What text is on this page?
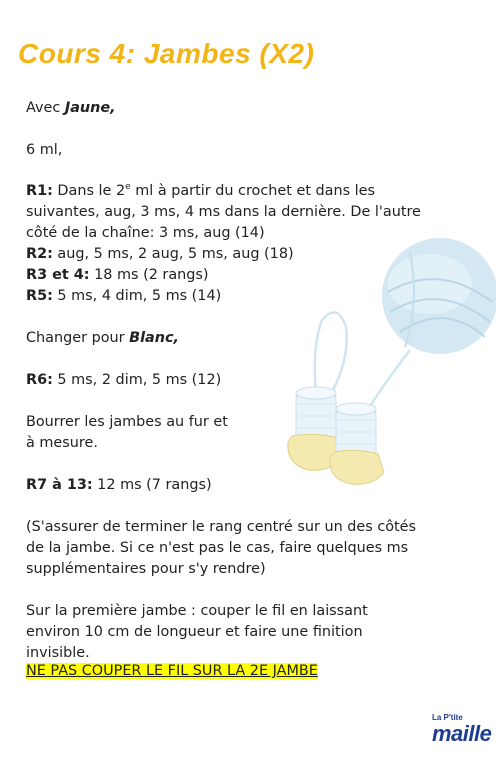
Cours 4: Jambes (X2)
Avec Jaune,
6 ml,
R1: Dans le 2e ml à partir du crochet et dans les
suivantes, aug, 3 ms, 4 ms dans la dernière. De l'autre
côté de la chaîne: 3 ms, aug (14)
R2: aug, 5 ms, 2 aug, 5 ms, aug (18)
R3 et 4: 18 ms (2 rangs)
R5: 5 ms, 4 dim, 5 ms (14)
Changer pour Blanc,
R6: 5 ms, 2 dim, 5 ms (12)
Bourrer les jambes au fur et
à mesure.
R7 à 13: 12 ms (7 rangs)
(S'assurer de terminer le rang centré sur un des côtés
de la jambe. Si ce n'est pas le cas, faire quelques ms
supplémentaires pour s'y rendre)
Sur la première jambe : couper le fil en laissant
environ 10 cm de longueur et faire une finition
invisible.
NE PAS COUPER LE FIL SUR LA 2E JAMBE
La P'tite
maille
